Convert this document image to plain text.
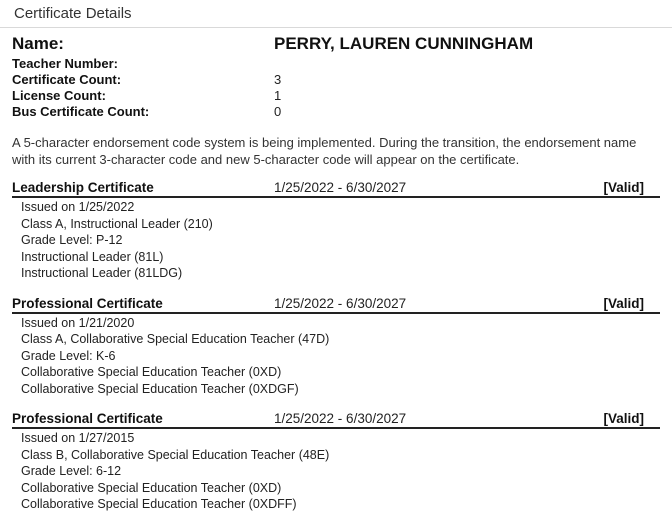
Certificate Details
Name:	PERRY, LAUREN CUNNINGHAM
Teacher Number:
Certificate Count:	3
License Count:	1
Bus Certificate Count:	0
A 5-character endorsement code system is being implemented. During the transition, the endorsement name with its current 3-character code and new 5-character code will appear on the certificate.
Leadership Certificate	1/25/2022 - 6/30/2027	[Valid]
Issued on 1/25/2022
Class A, Instructional Leader (210)
Grade Level: P-12
Instructional Leader (81L)
Instructional Leader (81LDG)
Professional Certificate	1/25/2022 - 6/30/2027	[Valid]
Issued on 1/21/2020
Class A, Collaborative Special Education Teacher (47D)
Grade Level: K-6
Collaborative Special Education Teacher (0XD)
Collaborative Special Education Teacher (0XDGF)
Professional Certificate	1/25/2022 - 6/30/2027	[Valid]
Issued on 1/27/2015
Class B, Collaborative Special Education Teacher (48E)
Grade Level: 6-12
Collaborative Special Education Teacher (0XD)
Collaborative Special Education Teacher (0XDFF)
